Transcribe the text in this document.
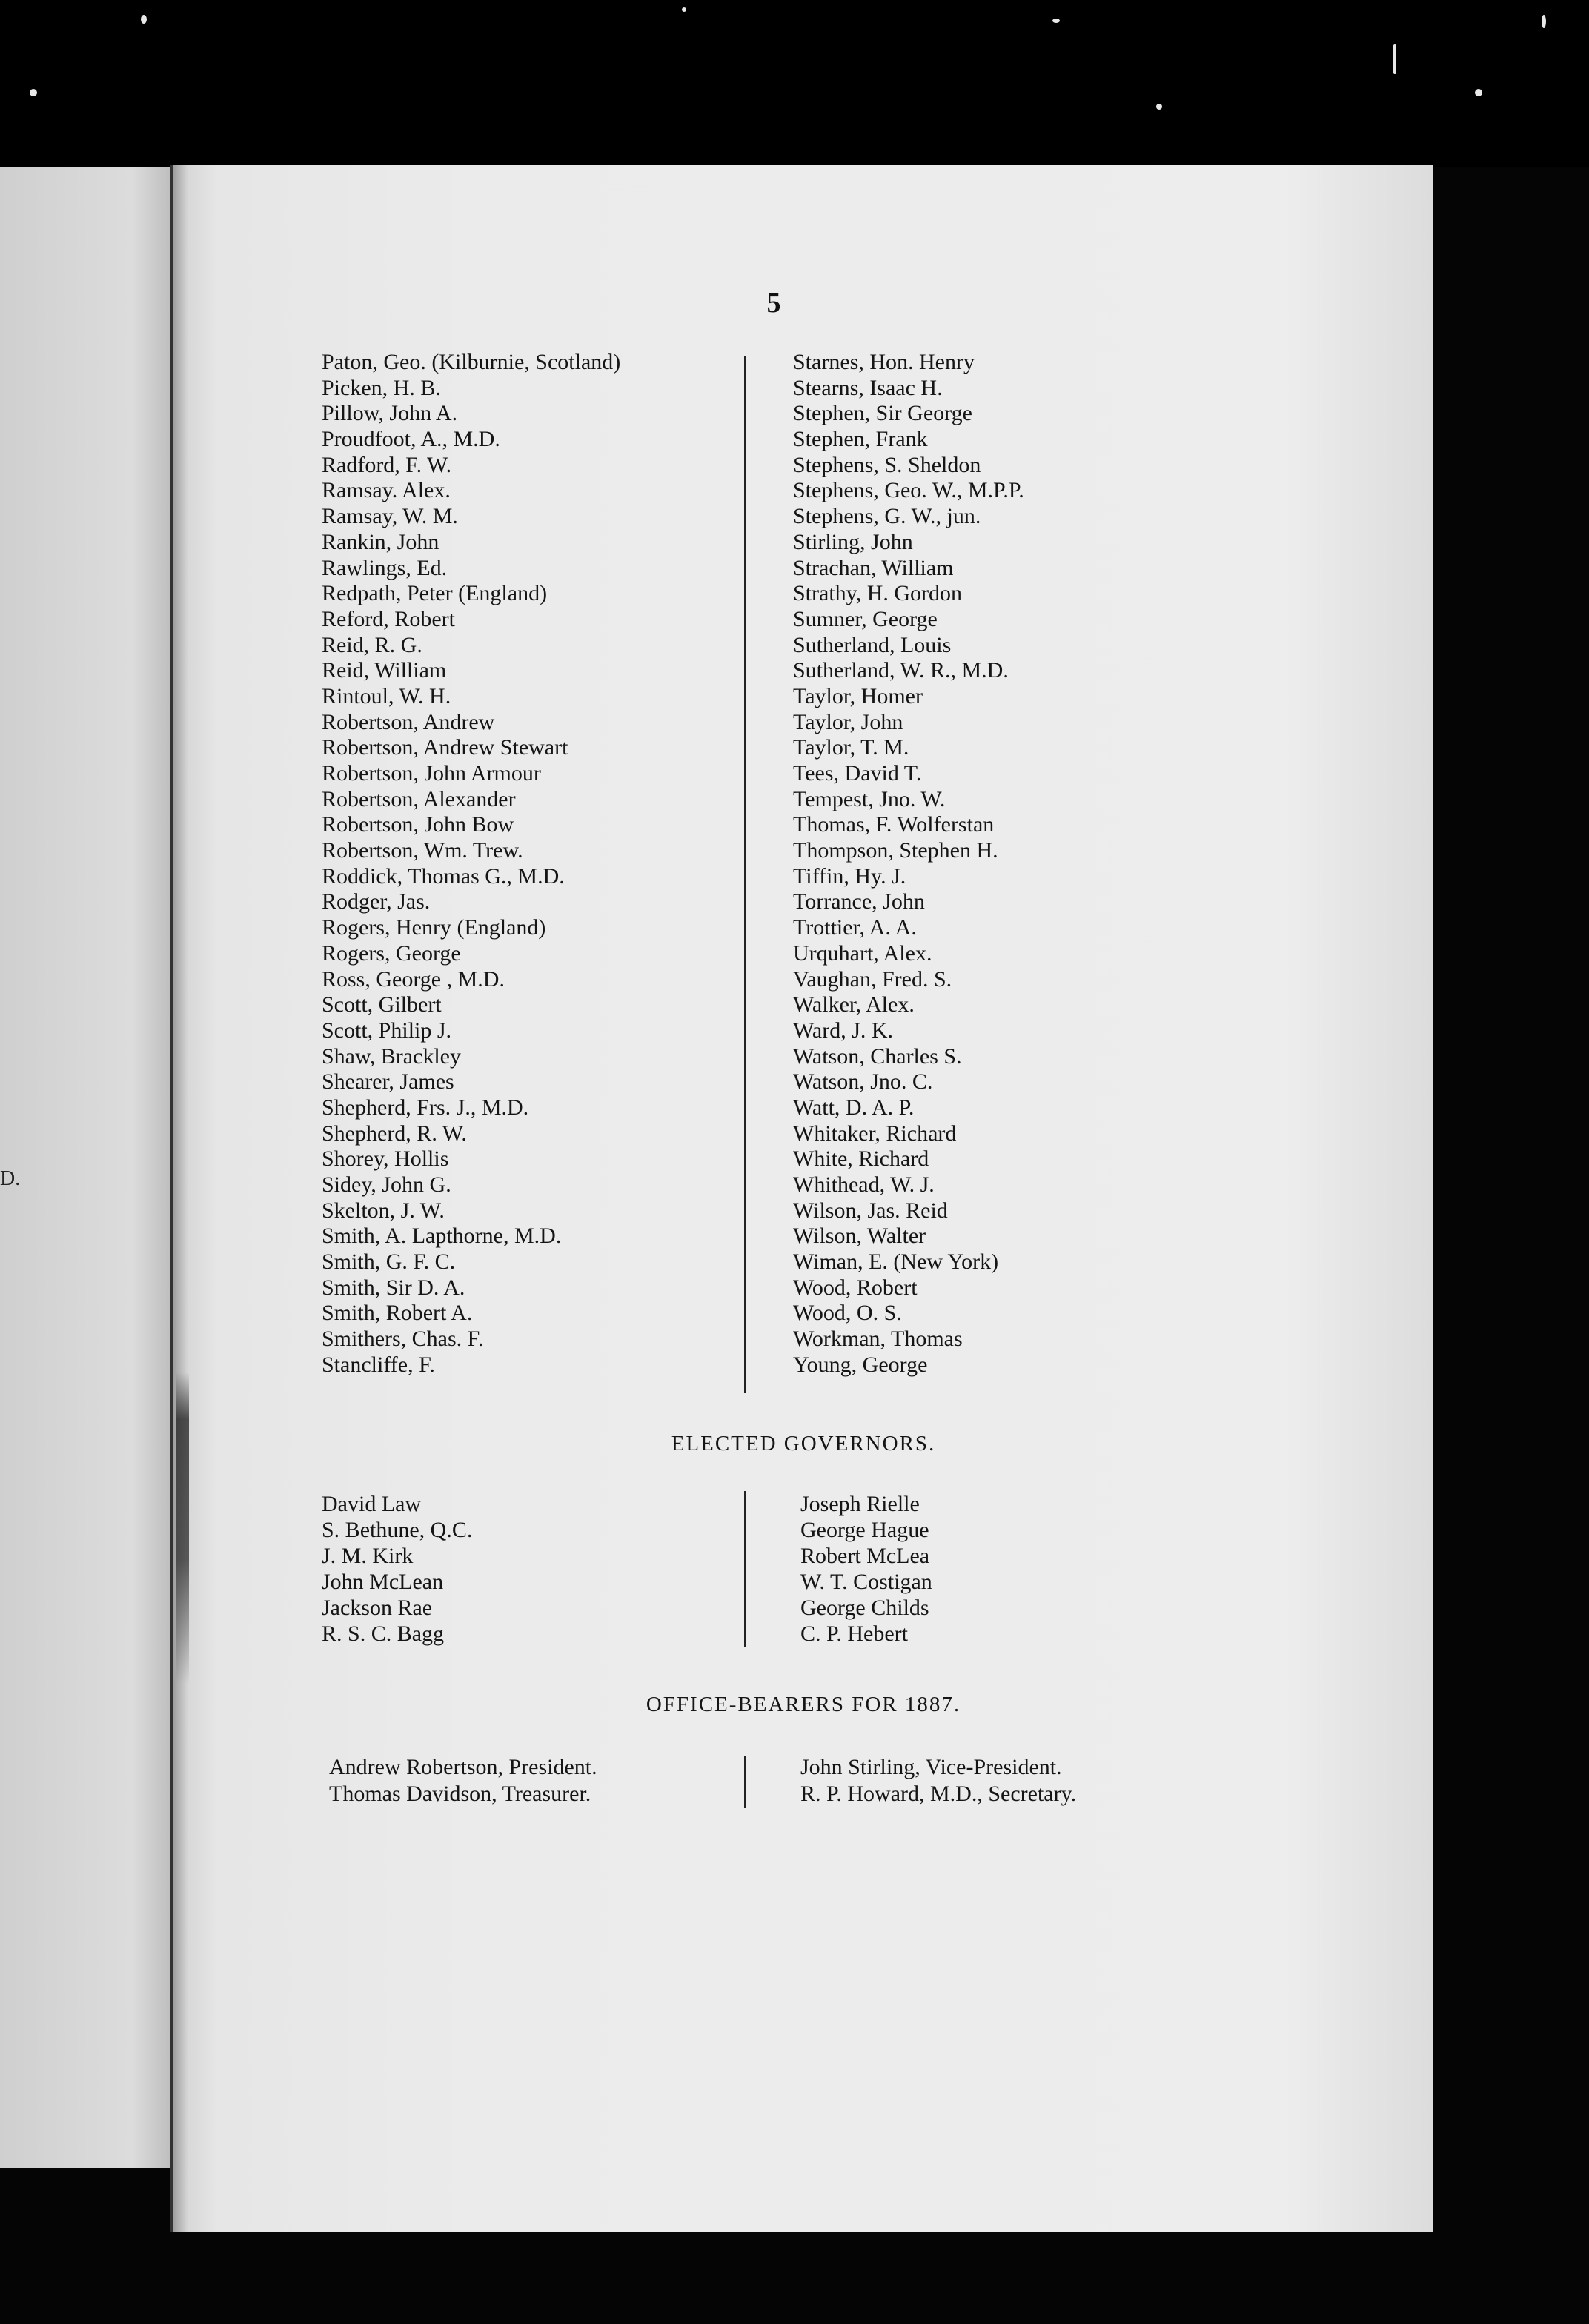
D.
5
Paton, Geo. (Kilburnie, Scotland)
Picken, H. B.
Pillow, John A.
Proudfoot, A., M.D.
Radford, F. W.
Ramsay. Alex.
Ramsay, W. M.
Rankin, John
Rawlings, Ed.
Redpath, Peter (England)
Reford, Robert
Reid, R. G.
Reid, William
Rintoul, W. H.
Robertson, Andrew
Robertson, Andrew Stewart
Robertson, John Armour
Robertson, Alexander
Robertson, John Bow
Robertson, Wm. Trew.
Roddick, Thomas G., M.D.
Rodger, Jas.
Rogers, Henry (England)
Rogers, George
Ross, George , M.D.
Scott, Gilbert
Scott, Philip J.
Shaw, Brackley
Shearer, James
Shepherd, Frs. J., M.D.
Shepherd, R. W.
Shorey, Hollis
Sidey, John G.
Skelton, J. W.
Smith, A. Lapthorne, M.D.
Smith, G. F. C.
Smith, Sir D. A.
Smith, Robert A.
Smithers, Chas. F.
Stancliffe, F.
Starnes, Hon. Henry
Stearns, Isaac H.
Stephen, Sir George
Stephen, Frank
Stephens, S. Sheldon
Stephens, Geo. W., M.P.P.
Stephens, G. W., jun.
Stirling, John
Strachan, William
Strathy, H. Gordon
Sumner, George
Sutherland, Louis
Sutherland, W. R., M.D.
Taylor, Homer
Taylor, John
Taylor, T. M.
Tees, David T.
Tempest, Jno. W.
Thomas, F. Wolferstan
Thompson, Stephen H.
Tiffin, Hy. J.
Torrance, John
Trottier, A. A.
Urquhart, Alex.
Vaughan, Fred. S.
Walker, Alex.
Ward, J. K.
Watson, Charles S.
Watson, Jno. C.
Watt, D. A. P.
Whitaker, Richard
White, Richard
Whithead, W. J.
Wilson, Jas. Reid
Wilson, Walter
Wiman, E. (New York)
Wood, Robert
Wood, O. S.
Workman, Thomas
Young, George
ELECTED GOVERNORS.
David Law
S. Bethune, Q.C.
J. M. Kirk
John McLean
Jackson Rae
R. S. C. Bagg
Joseph Rielle
George Hague
Robert McLea
W. T. Costigan
George Childs
C. P. Hebert
OFFICE-BEARERS FOR 1887.
Andrew Robertson, President.
Thomas Davidson, Treasurer.
John Stirling, Vice-President.
R. P. Howard, M.D., Secretary.
